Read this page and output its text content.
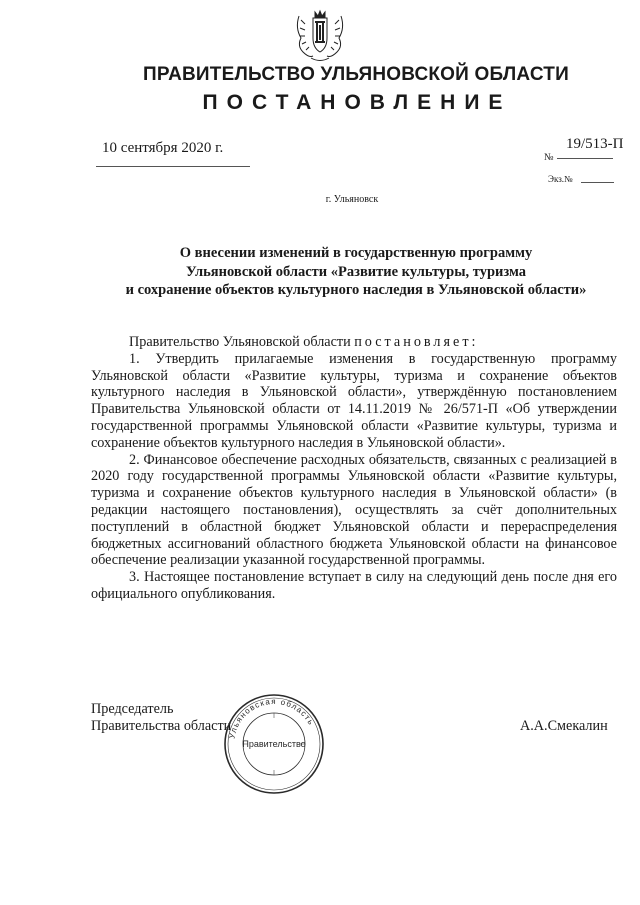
ПРАВИТЕЛЬСТВО УЛЬЯНОВСКОЙ ОБЛАСТИ
ПОСТАНОВЛЕНИЕ
10 сентября 2020 г.
№
19/513-П
Экз.№
г. Ульяновск
О внесении изменений в государственную программу
Ульяновской области «Развитие культуры, туризма
и сохранение объектов культурного наследия в Ульяновской области»

Правительство Ульяновской области постановляет:

1. Утвердить прилагаемые изменения в государственную программу Ульяновской области «Развитие культуры, туризма и сохранение объектов культурного наследия в Ульяновской области», утверждённую постановлением Правительства Ульяновской области от 14.11.2019 № 26/571-П «Об утверждении государственной программы Ульяновской области «Развитие культуры, туризма и сохранение объектов культурного наследия в Ульяновской области».

2. Финансовое обеспечение расходных обязательств, связанных с реализацией в 2020 году государственной программы Ульяновской области «Развитие культуры, туризма и сохранение объектов культурного наследия в Ульяновской области» (в редакции настоящего постановления), осуществлять за счёт дополнительных поступлений в областной бюджет Ульяновской области и перераспределения бюджетных ассигнований областного бюджета Ульяновской области на финансовое обеспечение реализации указанной государственной программы.

3. Настоящее постановление вступает в силу на следующий день после дня его официального опубликования.

Председатель
Правительства области
Ульяновская область
Правительство
А.А.Смекалин
